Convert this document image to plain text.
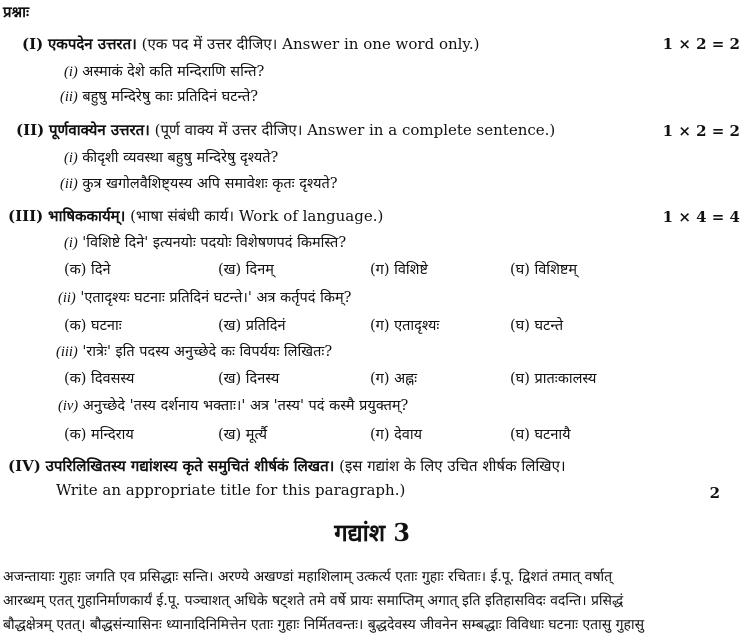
प्रश्नाः
(I) एकपदेन उत्तरत। (एक पद में उत्तर दीजिए। Answer in one word only.)	1 × 2 = 2
(i) अस्माकं देशे कति मन्दिराणि सन्ति?
(ii) बहुषु मन्दिरेषु काः प्रतिदिनं घटन्ते?
(II) पूर्णवाक्येन उत्तरत। (पूर्ण वाक्य में उत्तर दीजिए। Answer in a complete sentence.)	1 × 2 = 2
(i) कीदृशी व्यवस्था बहुषु मन्दिरेषु दृश्यते?
(ii) कुत्र खगोलवैशिष्ट्यस्य अपि समावेशः कृतः दृश्यते?
(III) भाषिककार्यम्। (भाषा संबंधी कार्य। Work of language.)	1 × 4 = 4
(i) 'विशिष्टे दिने' इत्यनयोः पदयोः विशेषणपदं किमस्ति?
(क) दिने	(ख) दिनम्	(ग) विशिष्टे	(घ) विशिष्टम्
(ii) 'एतादृश्यः घटनाः प्रतिदिनं घटन्ते।' अत्र कर्तृपदं किम्?
(क) घटनाः	(ख) प्रतिदिनं	(ग) एतादृश्यः	(घ) घटन्ते
(iii) 'रात्रेः' इति पदस्य अनुच्छेदे कः विपर्ययः लिखितः?
(क) दिवसस्य	(ख) दिनस्य	(ग) अह्नः	(घ) प्रातःकालस्य
(iv) अनुच्छेदे 'तस्य दर्शनाय भक्ताः।' अत्र 'तस्य' पदं कस्मै प्रयुक्तम्?
(क) मन्दिराय	(ख) मूर्त्यै	(ग) देवाय	(घ) घटनायै
(IV) उपरिलिखितस्य गद्यांशस्य कृते समुचितं शीर्षकं लिखत। (इस गद्यांश के लिए उचित शीर्षक लिखिए।
Write an appropriate title for this paragraph.)	2
गद्यांश 3
अजन्तायाः गुहाः जगति एव प्रसिद्धाः सन्ति। अरण्ये अखण्डां महाशिलाम् उत्कर्त्य एताः गुहाः रचिताः। ई.पू. द्विशतं तमात् वर्षात्
आरब्धम् एतत् गुहानिर्माणकार्यं ई.पू. पञ्चाशत् अधिके षट्शते तमे वर्षे प्रायः समाप्तिम् अगात् इति इतिहासविदः वदन्ति। प्रसिद्धं
बौद्धक्षेत्रम् एतत्। बौद्धसंन्यासिनः ध्यानादिनिमित्तेन एताः गुहाः निर्मितवन्तः। बुद्धदेवस्य जीवनेन सम्बद्धाः विविधाः घटनाः एतासु गुहासु
